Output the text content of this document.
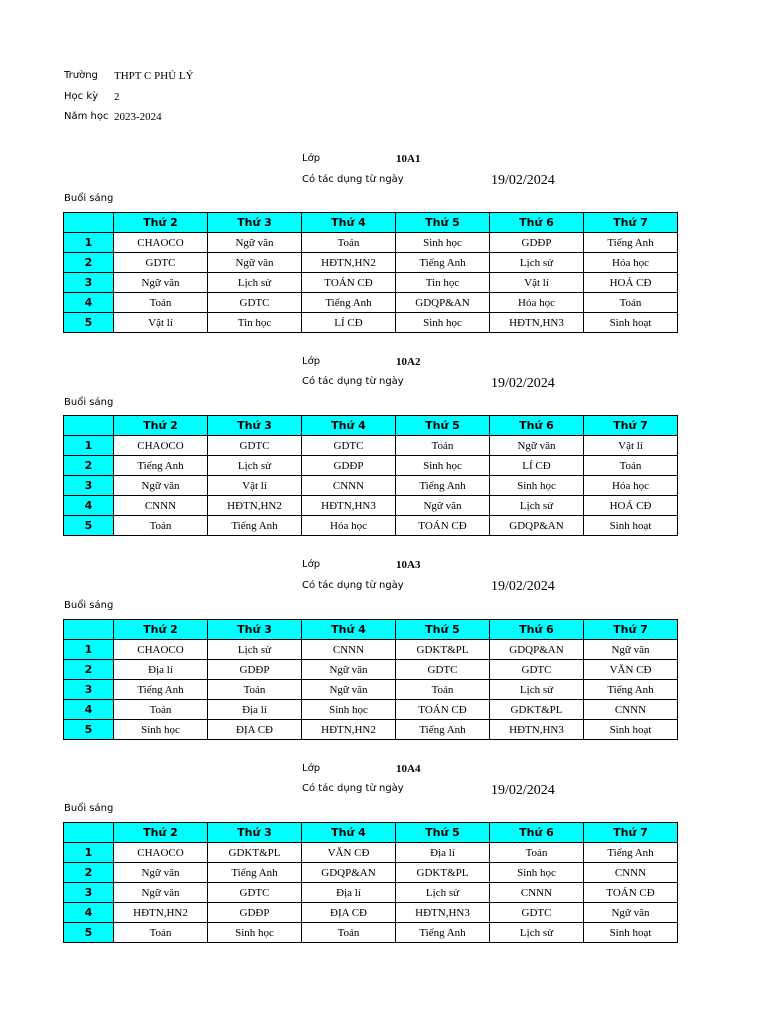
Trường THPT C PHỦ LÝ
Học kỳ 2
Năm học 2023-2024
Lớp	10A1
Có tác dụng từ ngày	19/02/2024
Buổi sáng
	Thứ 2	Thứ 3	Thứ 4	Thứ 5	Thứ 6	Thứ 7
1	CHAOCO	Ngữ văn	Toán	Sinh học	GDĐP	Tiếng Anh
2	GDTC	Ngữ văn	HĐTN,HN2	Tiếng Anh	Lịch sử	Hóa học
3	Ngữ văn	Lịch sử	TOÁN CĐ	Tin học	Vật lí	HOÁ CĐ
4	Toán	GDTC	Tiếng Anh	GDQP&AN	Hóa học	Toán
5	Vật lí	Tin học	LÍ CĐ	Sinh học	HĐTN,HN3	Sinh hoạt
Lớp	10A2
Có tác dụng từ ngày	19/02/2024
Buổi sáng
	Thứ 2	Thứ 3	Thứ 4	Thứ 5	Thứ 6	Thứ 7
1	CHAOCO	GDTC	GDTC	Toán	Ngữ văn	Vật lí
2	Tiếng Anh	Lịch sử	GDĐP	Sinh học	LÍ CĐ	Toán
3	Ngữ văn	Vật lí	CNNN	Tiếng Anh	Sinh học	Hóa học
4	CNNN	HĐTN,HN2	HĐTN,HN3	Ngữ văn	Lịch sử	HOÁ CĐ
5	Toán	Tiếng Anh	Hóa học	TOÁN CĐ	GDQP&AN	Sinh hoạt
Lớp	10A3
Có tác dụng từ ngày	19/02/2024
Buổi sáng
	Thứ 2	Thứ 3	Thứ 4	Thứ 5	Thứ 6	Thứ 7
1	CHAOCO	Lịch sử	CNNN	GDKT&PL	GDQP&AN	Ngữ văn
2	Địa lí	GDĐP	Ngữ văn	GDTC	GDTC	VĂN CĐ
3	Tiếng Anh	Toán	Ngữ văn	Toán	Lịch sử	Tiếng Anh
4	Toán	Địa lí	Sinh học	TOÁN CĐ	GDKT&PL	CNNN
5	Sinh học	ĐỊA CĐ	HĐTN,HN2	Tiếng Anh	HĐTN,HN3	Sinh hoạt
Lớp	10A4
Có tác dụng từ ngày	19/02/2024
Buổi sáng
	Thứ 2	Thứ 3	Thứ 4	Thứ 5	Thứ 6	Thứ 7
1	CHAOCO	GDKT&PL	VĂN CĐ	Địa lí	Toán	Tiếng Anh
2	Ngữ văn	Tiếng Anh	GDQP&AN	GDKT&PL	Sinh học	CNNN
3	Ngữ văn	GDTC	Địa lí	Lịch sử	CNNN	TOÁN CĐ
4	HĐTN,HN2	GDĐP	ĐỊA CĐ	HĐTN,HN3	GDTC	Ngữ văn
5	Toán	Sinh học	Toán	Tiếng Anh	Lịch sử	Sinh hoạt
